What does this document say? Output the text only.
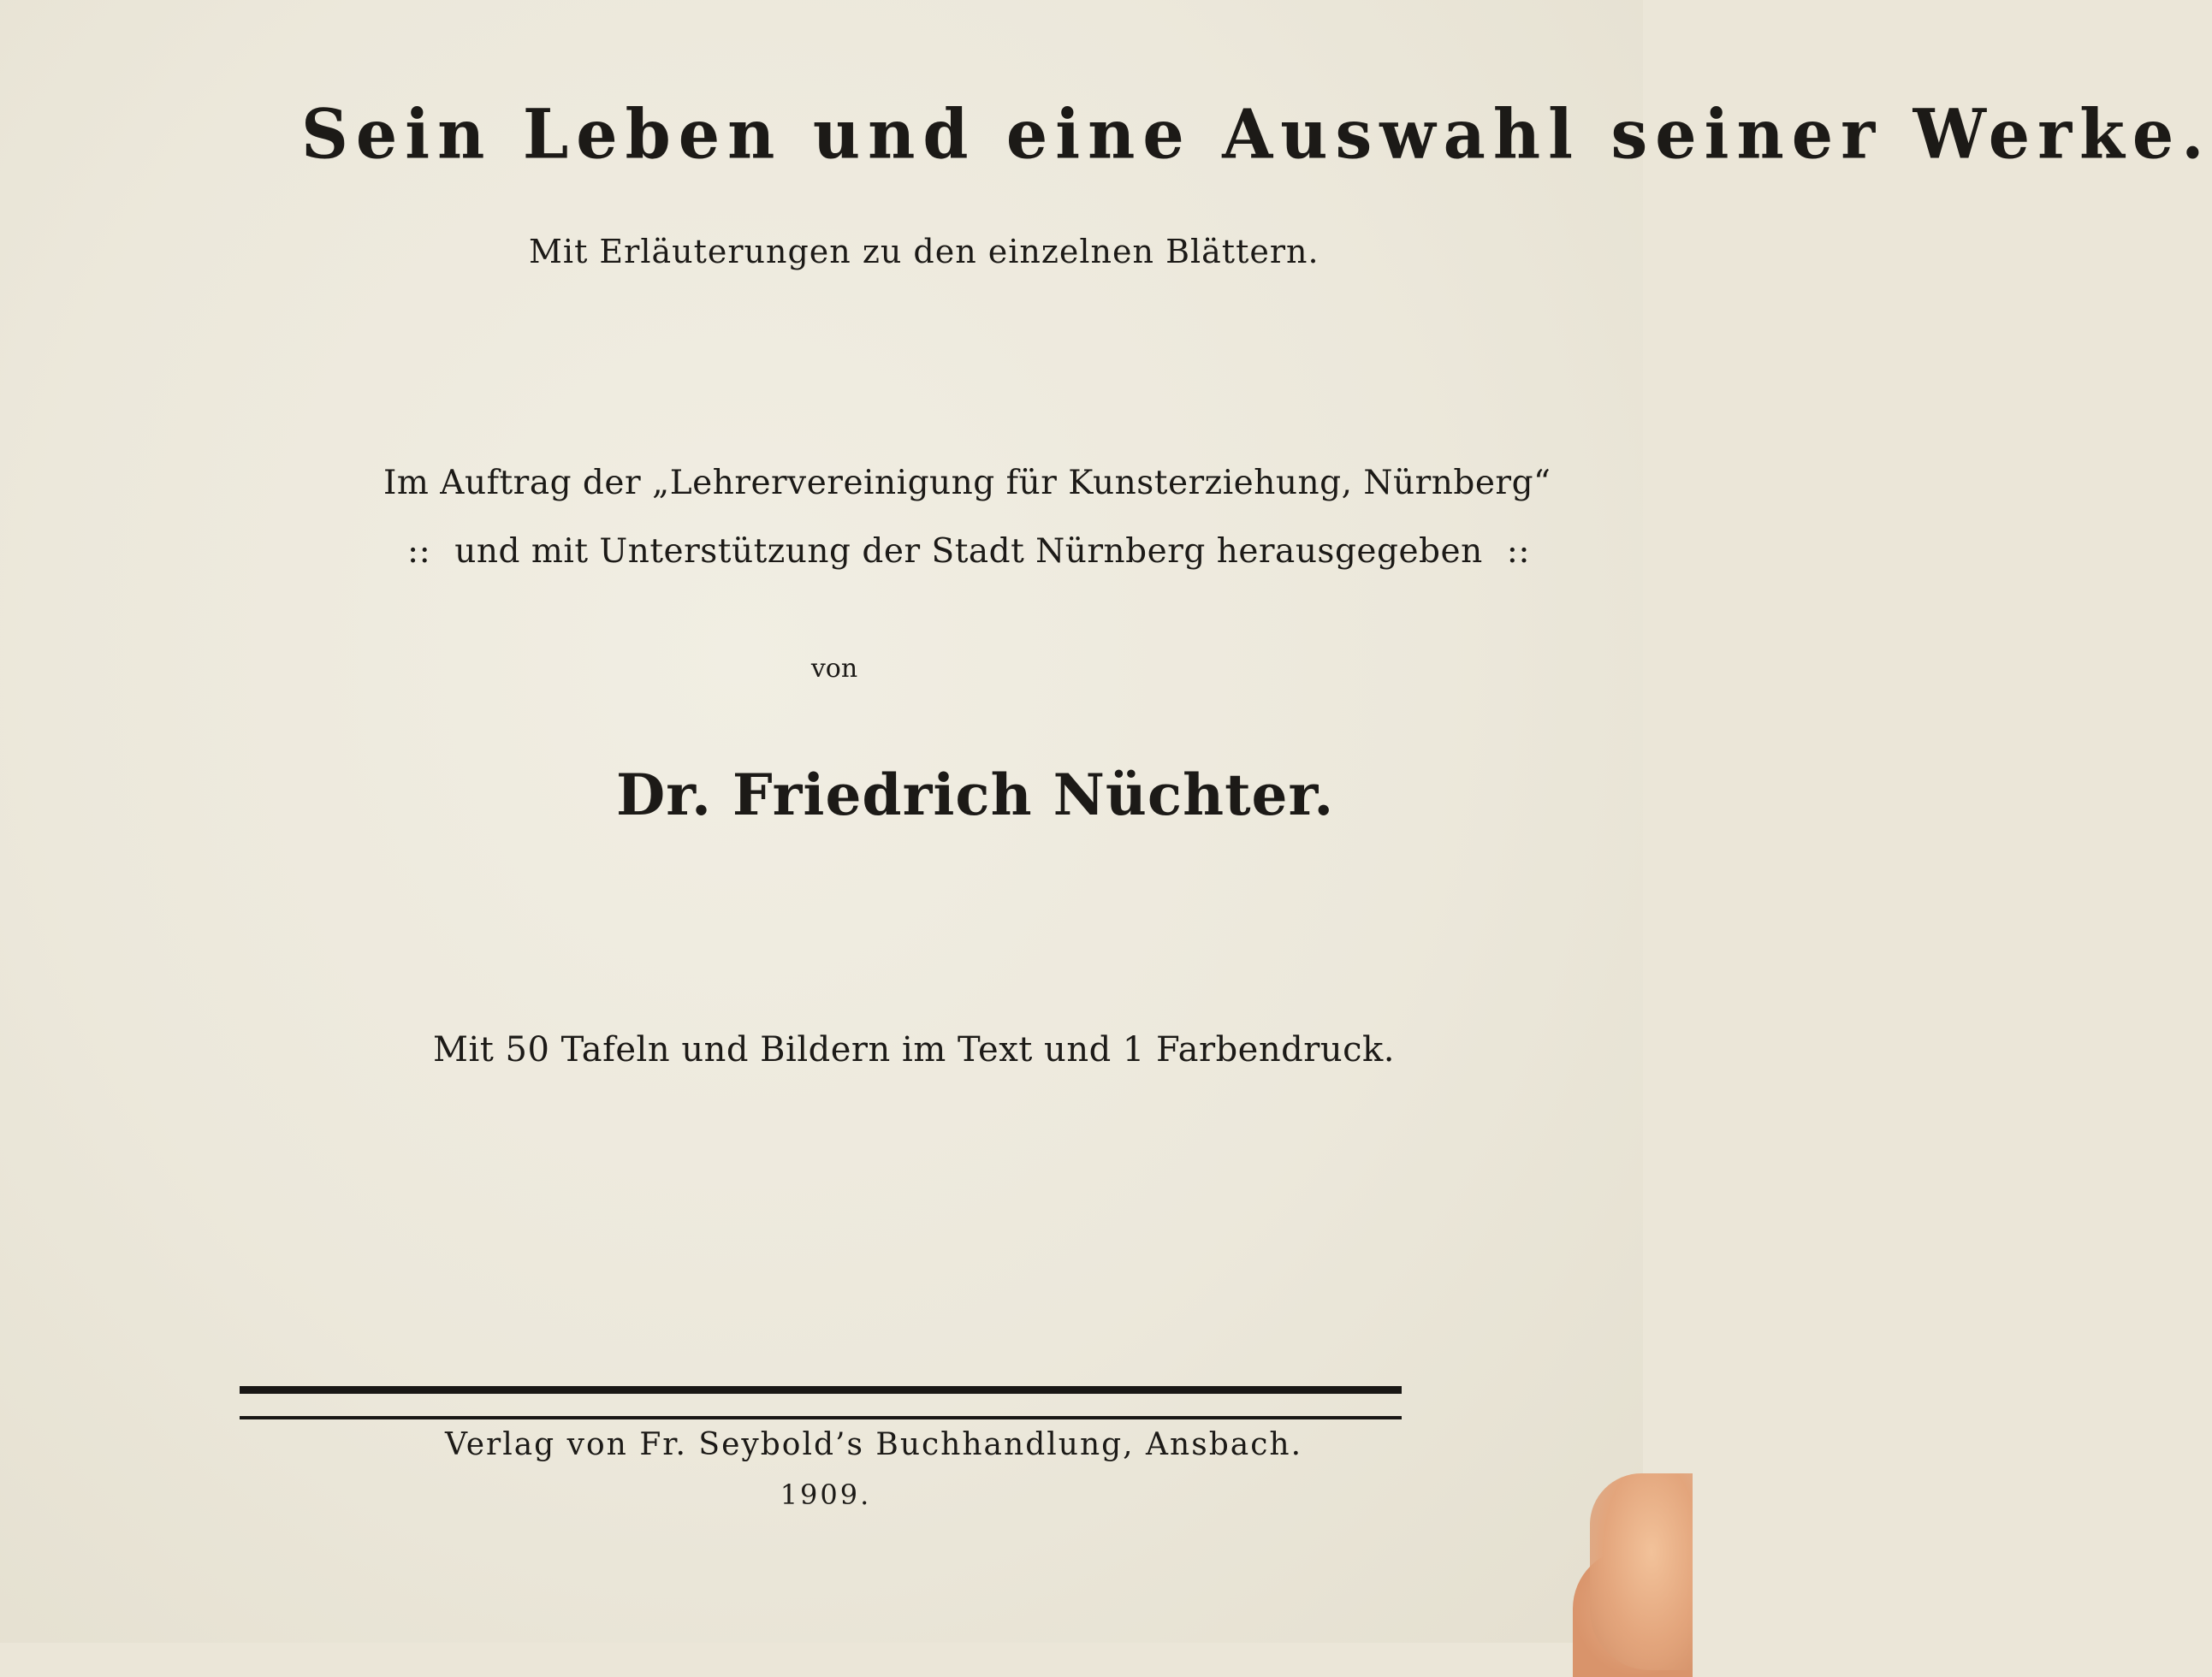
Sein Leben und eine Auswahl seiner Werke.
Mit Erläuterungen zu den einzelnen Blättern.
Im Auftrag der „Lehrervereinigung für Kunsterziehung, Nürnberg“
:: und mit Unterstützung der Stadt Nürnberg herausgegeben ::
von
Dr. Friedrich Nüchter.
Mit 50 Tafeln und Bildern im Text und 1 Farbendruck.
Verlag von Fr. Seybold’s Buchhandlung, Ansbach.
1909.
